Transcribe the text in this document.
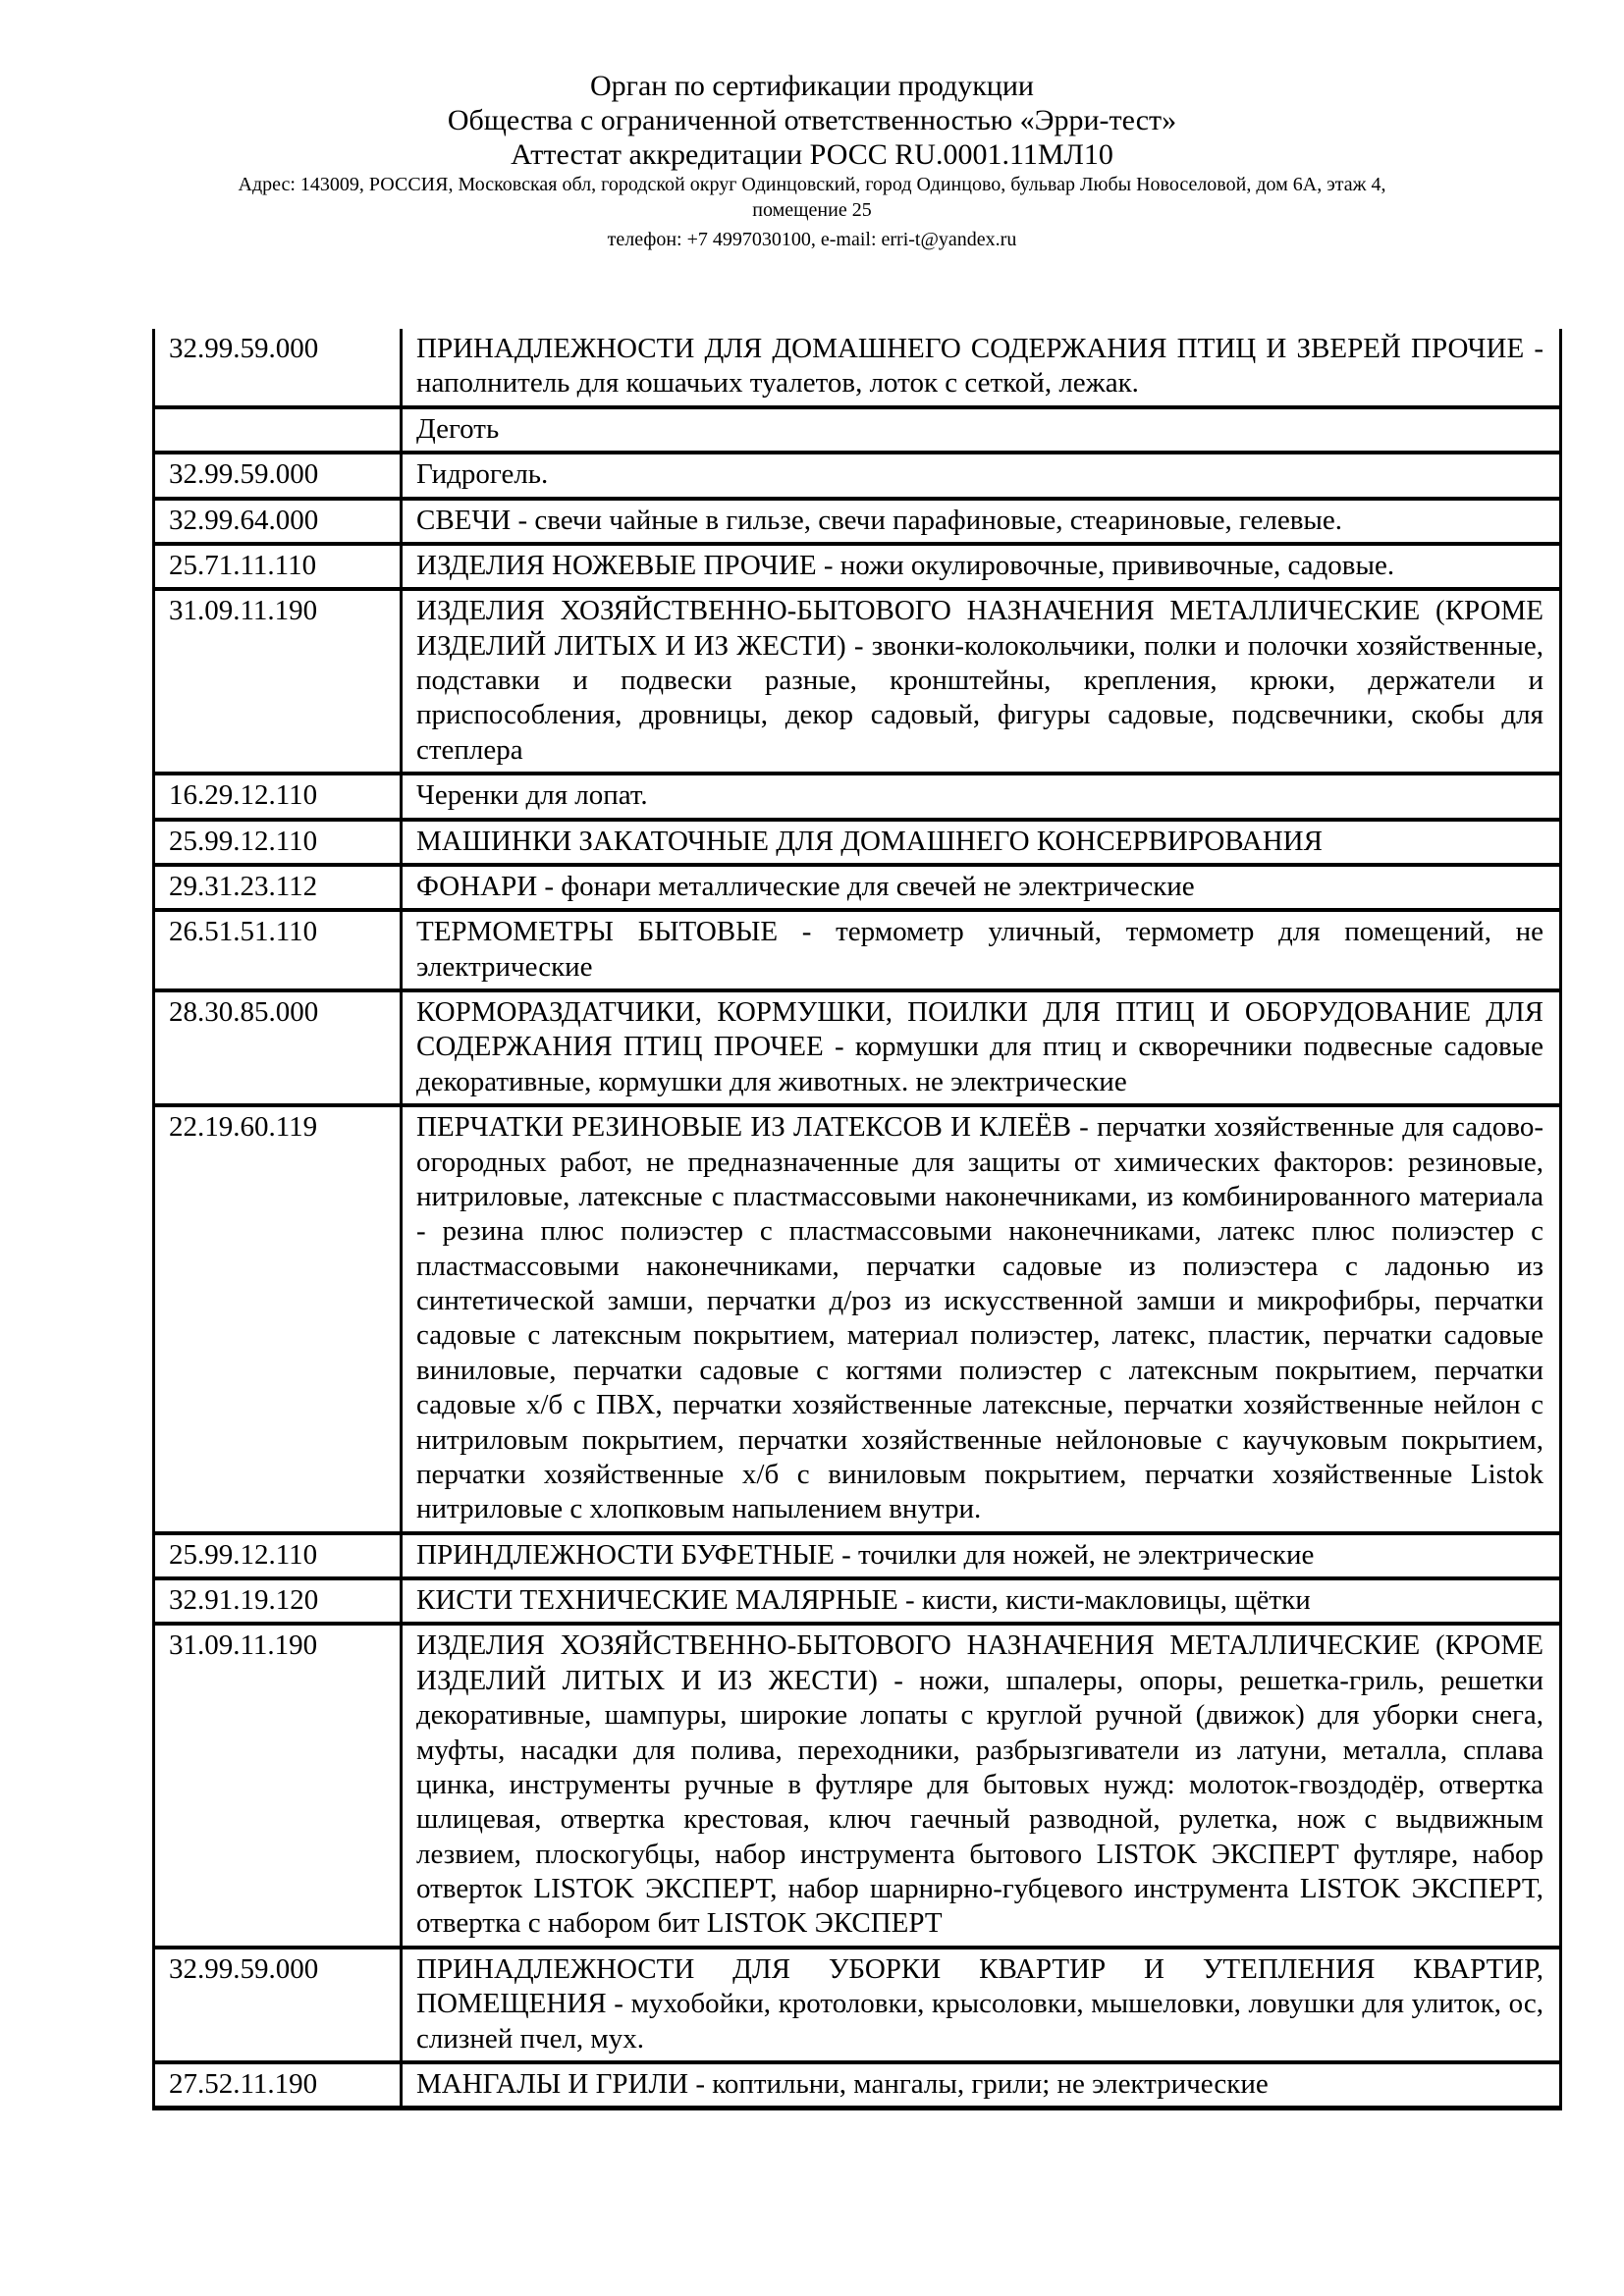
Орган по сертификации продукции
Общества с ограниченной ответственностью «Эрри-тест»
Аттестат аккредитации РОСС RU.0001.11МЛ10
Адрес: 143009, РОССИЯ, Московская обл, городской округ Одинцовский, город Одинцово, бульвар Любы Новоселовой, дом 6А, этаж 4,
помещение 25
телефон: +7 4997030100, e-mail: erri-t@yandex.ru
32.99.59.000	ПРИНАДЛЕЖНОСТИ ДЛЯ ДОМАШНЕГО СОДЕРЖАНИЯ ПТИЦ И ЗВЕРЕЙ ПРОЧИЕ - наполнитель для кошачьих туалетов, лоток с сеткой, лежак.
	Деготь
32.99.59.000	Гидрогель.
32.99.64.000	СВЕЧИ - свечи чайные в гильзе, свечи парафиновые, стеариновые, гелевые.
25.71.11.110	ИЗДЕЛИЯ НОЖЕВЫЕ ПРОЧИЕ - ножи окулировочные, прививочные, садовые.
31.09.11.190	ИЗДЕЛИЯ ХОЗЯЙСТВЕННО-БЫТОВОГО НАЗНАЧЕНИЯ МЕТАЛЛИЧЕСКИЕ (КРОМЕ ИЗДЕЛИЙ ЛИТЫХ И ИЗ ЖЕСТИ) - звонки-колокольчики, полки и полочки хозяйственные, подставки и подвески разные, кронштейны, крепления, крюки, держатели и приспособления, дровницы, декор садовый, фигуры садовые, подсвечники, скобы для степлера
16.29.12.110	Черенки для лопат.
25.99.12.110	МАШИНКИ ЗАКАТОЧНЫЕ ДЛЯ ДОМАШНЕГО КОНСЕРВИРОВАНИЯ
29.31.23.112	ФОНАРИ - фонари металлические для свечей не электрические
26.51.51.110	ТЕРМОМЕТРЫ БЫТОВЫЕ - термометр уличный, термометр для помещений, не электрические
28.30.85.000	КОРМОРАЗДАТЧИКИ, КОРМУШКИ, ПОИЛКИ ДЛЯ ПТИЦ И ОБОРУДОВАНИЕ ДЛЯ СОДЕРЖАНИЯ ПТИЦ ПРОЧЕЕ - кормушки для птиц и скворечники подвесные садовые декоративные, кормушки для животных. не электрические
22.19.60.119	ПЕРЧАТКИ РЕЗИНОВЫЕ ИЗ ЛАТЕКСОВ И КЛЕЁВ - перчатки хозяйственные для садово-огородных работ, не предназначенные для защиты от химических факторов: резиновые, нитриловые, латексные с пластмассовыми наконечниками, из комбинированного материала - резина плюс полиэстер с пластмассовыми наконечниками, латекс плюс полиэстер с пластмассовыми наконечниками, перчатки садовые из полиэстера с ладонью из синтетической замши, перчатки д/роз из искусственной замши и микрофибры, перчатки садовые с латексным покрытием, материал полиэстер, латекс, пластик, перчатки садовые виниловые, перчатки садовые с когтями полиэстер с латексным покрытием, перчатки садовые х/б с ПВХ, перчатки хозяйственные латексные, перчатки хозяйственные нейлон с нитриловым покрытием, перчатки хозяйственные нейлоновые с каучуковым покрытием, перчатки хозяйственные х/б с виниловым покрытием, перчатки хозяйственные Listok нитриловые с хлопковым напылением внутри.
25.99.12.110	ПРИНДЛЕЖНОСТИ БУФЕТНЫЕ - точилки для ножей, не электрические
32.91.19.120	КИСТИ ТЕХНИЧЕСКИЕ МАЛЯРНЫЕ - кисти, кисти-макловицы, щётки
31.09.11.190	ИЗДЕЛИЯ ХОЗЯЙСТВЕННО-БЫТОВОГО НАЗНАЧЕНИЯ МЕТАЛЛИЧЕСКИЕ (КРОМЕ ИЗДЕЛИЙ ЛИТЫХ И ИЗ ЖЕСТИ) - ножи, шпалеры, опоры, решетка-гриль, решетки декоративные, шампуры, широкие лопаты с круглой ручной (движок) для уборки снега, муфты, насадки для полива, переходники, разбрызгиватели из латуни, металла, сплава цинка, инструменты ручные в футляре для бытовых нужд: молоток-гвоздодёр, отвертка шлицевая, отвертка крестовая, ключ гаечный разводной, рулетка, нож с выдвижным лезвием, плоскогубцы, набор инструмента бытового LISTOK ЭКСПЕРТ футляре, набор отверток LISTOK ЭКСПЕРТ, набор шарнирно-губцевого инструмента LISTOK ЭКСПЕРТ, отвертка с набором бит LISTOK ЭКСПЕРТ
32.99.59.000	ПРИНАДЛЕЖНОСТИ ДЛЯ УБОРКИ КВАРТИР И УТЕПЛЕНИЯ КВАРТИР, ПОМЕЩЕНИЯ - мухобойки, кротоловки, крысоловки, мышеловки, ловушки для улиток, ос, слизней пчел, мух.
27.52.11.190	МАНГАЛЫ И ГРИЛИ - коптильни, мангалы, грили; не электрические
